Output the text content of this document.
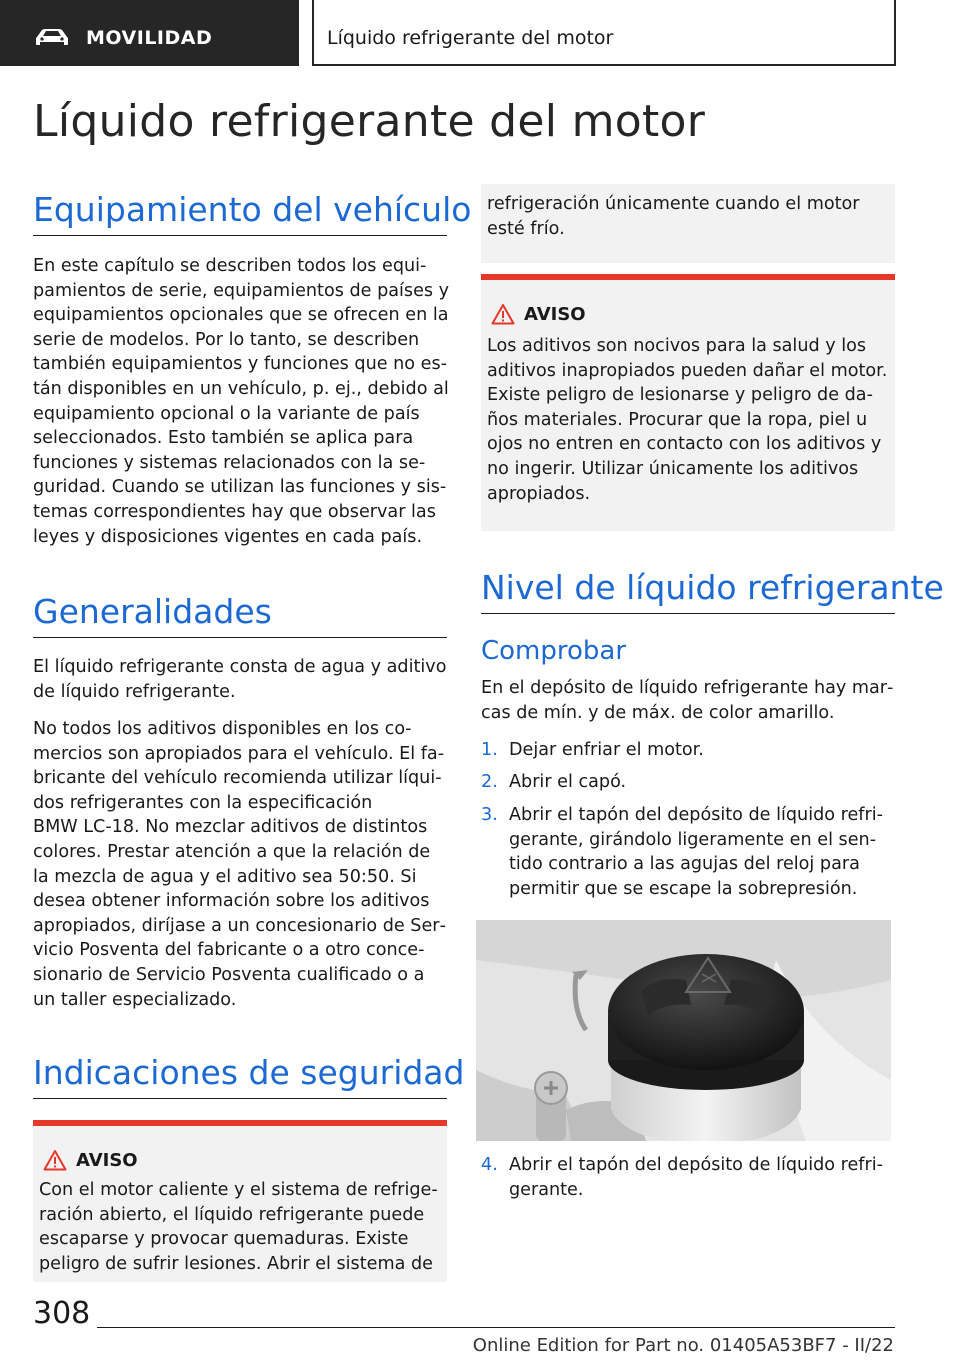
MOVILIDAD	Líquido refrigerante del motor
Líquido refrigerante del motor
Equipamiento del vehículo
En este capítulo se describen todos los equi‐
pamientos de serie, equipamientos de países y
equipamientos opcionales que se ofrecen en la
serie de modelos. Por lo tanto, se describen
también equipamientos y funciones que no es‐
tán disponibles en un vehículo, p. ej., debido al
equipamiento opcional o la variante de país
seleccionados. Esto también se aplica para
funciones y sistemas relacionados con la se‐
guridad. Cuando se utilizan las funciones y sis‐
temas correspondientes hay que observar las
leyes y disposiciones vigentes en cada país.
Generalidades
El líquido refrigerante consta de agua y aditivo
de líquido refrigerante.
No todos los aditivos disponibles en los co‐
mercios son apropiados para el vehículo. El fa‐
bricante del vehículo recomienda utilizar líqui‐
dos refrigerantes con la especificación
BMW LC-18. No mezclar aditivos de distintos
colores. Prestar atención a que la relación de
la mezcla de agua y el aditivo sea 50:50. Si
desea obtener información sobre los aditivos
apropiados, diríjase a un concesionario de Ser‐
vicio Posventa del fabricante o a otro conce‐
sionario de Servicio Posventa cualificado o a
un taller especializado.
Indicaciones de seguridad
AVISO
Con el motor caliente y el sistema de refrige‐
ración abierto, el líquido refrigerante puede
escaparse y provocar quemaduras. Existe
peligro de sufrir lesiones. Abrir el sistema de
refrigeración únicamente cuando el motor
esté frío.
AVISO
Los aditivos son nocivos para la salud y los
aditivos inapropiados pueden dañar el motor.
Existe peligro de lesionarse y peligro de da‐
ños materiales. Procurar que la ropa, piel u
ojos no entren en contacto con los aditivos y
no ingerir. Utilizar únicamente los aditivos
apropiados.
Nivel de líquido refrigerante
Comprobar
En el depósito de líquido refrigerante hay mar‐
cas de mín. y de máx. de color amarillo.
1. Dejar enfriar el motor.
2. Abrir el capó.
3. Abrir el tapón del depósito de líquido refri‐
gerante, girándolo ligeramente en el sen‐
tido contrario a las agujas del reloj para
permitir que se escape la sobrepresión.
4. Abrir el tapón del depósito de líquido refri‐
gerante.
308
Online Edition for Part no. 01405A53BF7 - II/22
